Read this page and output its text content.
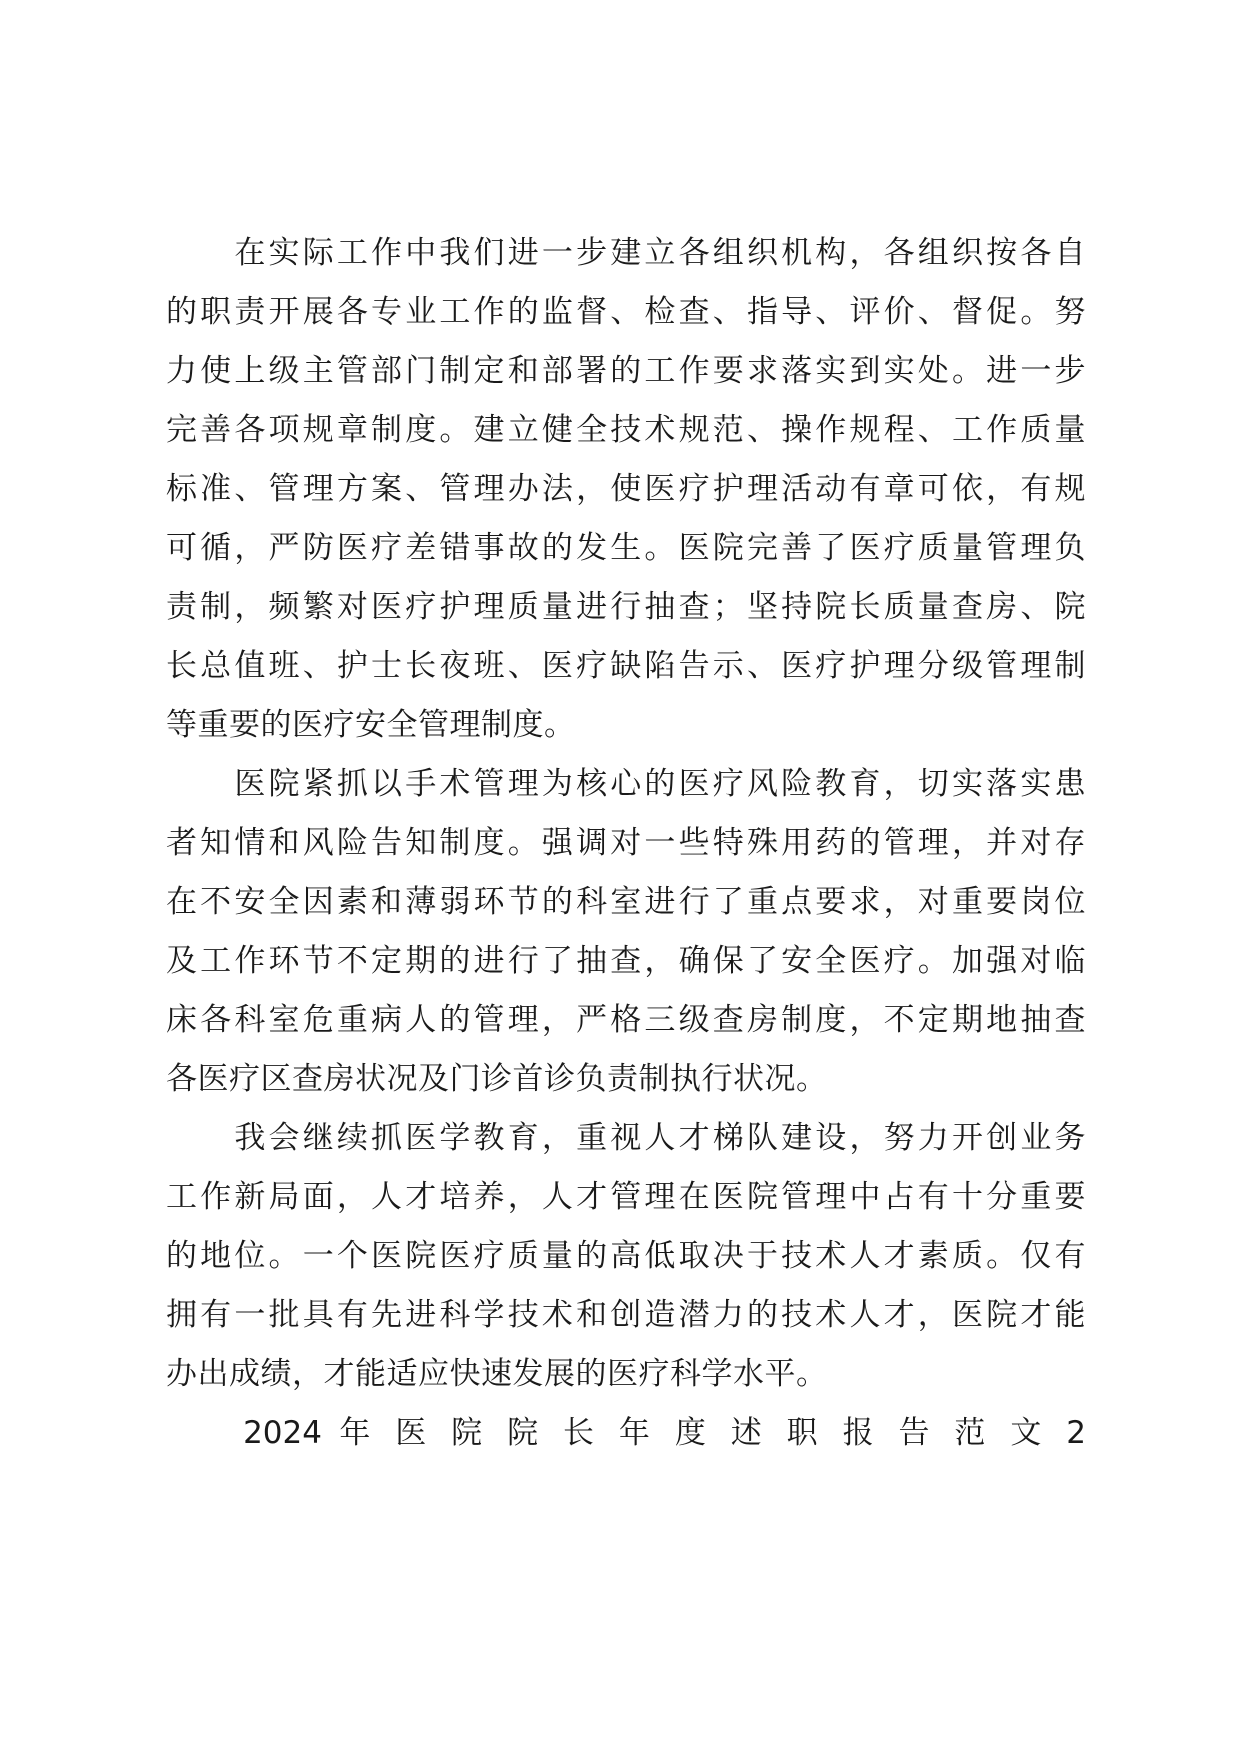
　　在实际工作中我们进一步建立各组织机构，各组织按各自
的职责开展各专业工作的监督、检查、指导、评价、督促。努
力使上级主管部门制定和部署的工作要求落实到实处。进一步
完善各项规章制度。建立健全技术规范、操作规程、工作质量
标准、管理方案、管理办法，使医疗护理活动有章可依，有规
可循，严防医疗差错事故的发生。医院完善了医疗质量管理负
责制，频繁对医疗护理质量进行抽查；坚持院长质量查房、院
长总值班、护士长夜班、医疗缺陷告示、医疗护理分级管理制
等重要的医疗安全管理制度。
　　医院紧抓以手术管理为核心的医疗风险教育，切实落实患
者知情和风险告知制度。强调对一些特殊用药的管理，并对存
在不安全因素和薄弱环节的科室进行了重点要求，对重要岗位
及工作环节不定期的进行了抽查，确保了安全医疗。加强对临
床各科室危重病人的管理，严格三级查房制度，不定期地抽查
各医疗区查房状况及门诊首诊负责制执行状况。
　　我会继续抓医学教育，重视人才梯队建设，努力开创业务
工作新局面，人才培养，人才管理在医院管理中占有十分重要
的地位。一个医院医疗质量的高低取决于技术人才素质。仅有
拥有一批具有先进科学技术和创造潜力的技术人才，医院才能
办出成绩，才能适应快速发展的医疗科学水平。
　　2024 年 医 院 院 长 年 度 述 职 报 告 范 文 2
